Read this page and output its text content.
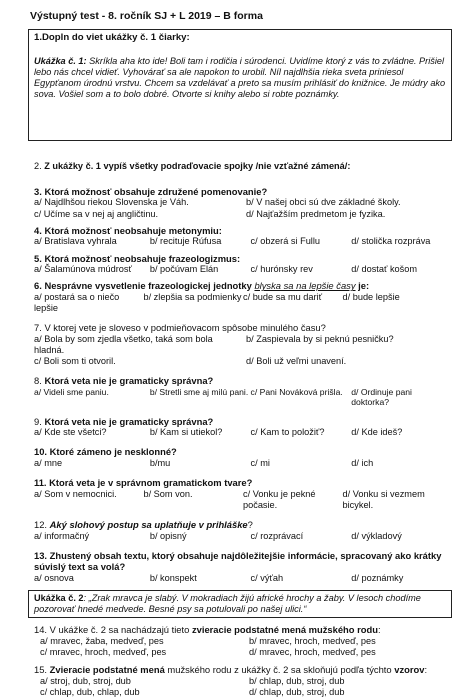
Výstupný test - 8. ročník SJ + L 2019 – B forma
1.Dopln do viet ukážky č. 1 čiarky:
Ukážka č. 1: Skríkla aha kto ide! Boli tam i rodičia i súrodenci. Uvidíme ktorý z vás to zvládne. Prišiel lebo nás chcel vidieť. Vyhovárať sa ale napokon to urobil. Níl najdlhšia rieka sveta priniesol Egypťanom úrodnú vrstvu. Chcem sa vzdelávať a preto sa musím prihlásiť do knižnice. Je múdry ako sova. Vošiel som a to bolo dobré. Otvorte si knihy alebo si robte poznámky.
2. Z ukážky č. 1 vypíš všetky podraďovacie spojky /nie vzťažné zámená/:
3. Ktorá možnosť obsahuje združené pomenovanie?
a/ Najdlhšou riekou Slovenska je Váh.	b/ V našej obci sú dve základné školy.
c/ Učíme sa v nej aj angličtinu.	d/ Najťažším predmetom je fyzika.
4. Ktorá možnosť neobsahuje metonymiu:
a/ Bratislava vyhrala	b/ recituje Rúfusa	c/ obzerá si Fullu	d/ stolička rozpráva
5. Ktorá možnosť neobsahuje frazeologizmus:
a/ Šalamúnova múdrosť	b/ počúvam Elán	c/ hurónsky rev	d/ dostať košom
6. Nesprávne vysvetlenie frazeologickej jednotky blyska sa na lepšie časy je:
a/ postará sa o niečo lepšie
b/ zlepšia sa podmienky c/ bude sa mu dariť	d/ bude lepšie
7. V ktorej vete je sloveso v podmieňovacom spôsobe minulého času?
a/ Bola by som zjedla všetko, taká som bola hladná.
b/ Zaspievala by si peknú pesničku?
c/ Boli som ti otvoril.	d/ Boli už veľmi unavení.
8. Ktorá veta nie je gramaticky správna?
a/ Videli sme paniu.	b/ Stretli sme aj milú pani. c/ Pani Nováková prišla. d/ Ordinuje pani doktorka?
9. Ktorá veta nie je gramaticky správna?
a/ Kde ste všetci?	b/ Kam si utiekol?	c/ Kam to položiť?	d/ Kde ideš?
10. Ktoré zámeno je nesklonné?
a/ mne	b/mu	c/ mi	d/ ich
11. Ktorá veta je v správnom gramatickom tvare?
a/ Som v nemocnici.	b/ Som von.	c/ Vonku je pekné počasie.
d/ Vonku si vezmem bicykel.
12. Aký slohový postup sa uplatňuje v prihláške?
a/ informačný	b/ opisný	c/ rozprávací	d/ výkladový
13. Zhustený obsah textu, ktorý obsahuje najdôležitejšie informácie, spracovaný ako krátky súvislý text sa volá?
a/ osnova	b/ konspekt	c/ výťah	d/ poznámky
Ukážka č. 2: „Zrak mravca je slabý. V mokradiach žijú africké hrochy a žaby. V lesoch chodíme pozorovať hnedé medvede. Besné psy sa potulovali po našej ulici.“
14. V ukážke č. 2 sa nachádzajú tieto zvieracie podstatné mená mužského rodu:
a/ mravec, žaba, medveď, pes	b/ mravec, hroch, medveď, pes
c/ mravec, hroch, medveď, pes	d/ mravec, hroch, medveď, pes
15. Zvieracie podstatné mená mužského rodu z ukážky č. 2 sa skloňujú podľa týchto vzorov:
a/ stroj, dub, stroj, dub	b/ chlap, dub, stroj, dub
c/ chlap, dub, chlap, dub	d/ chlap, dub, stroj, dub
